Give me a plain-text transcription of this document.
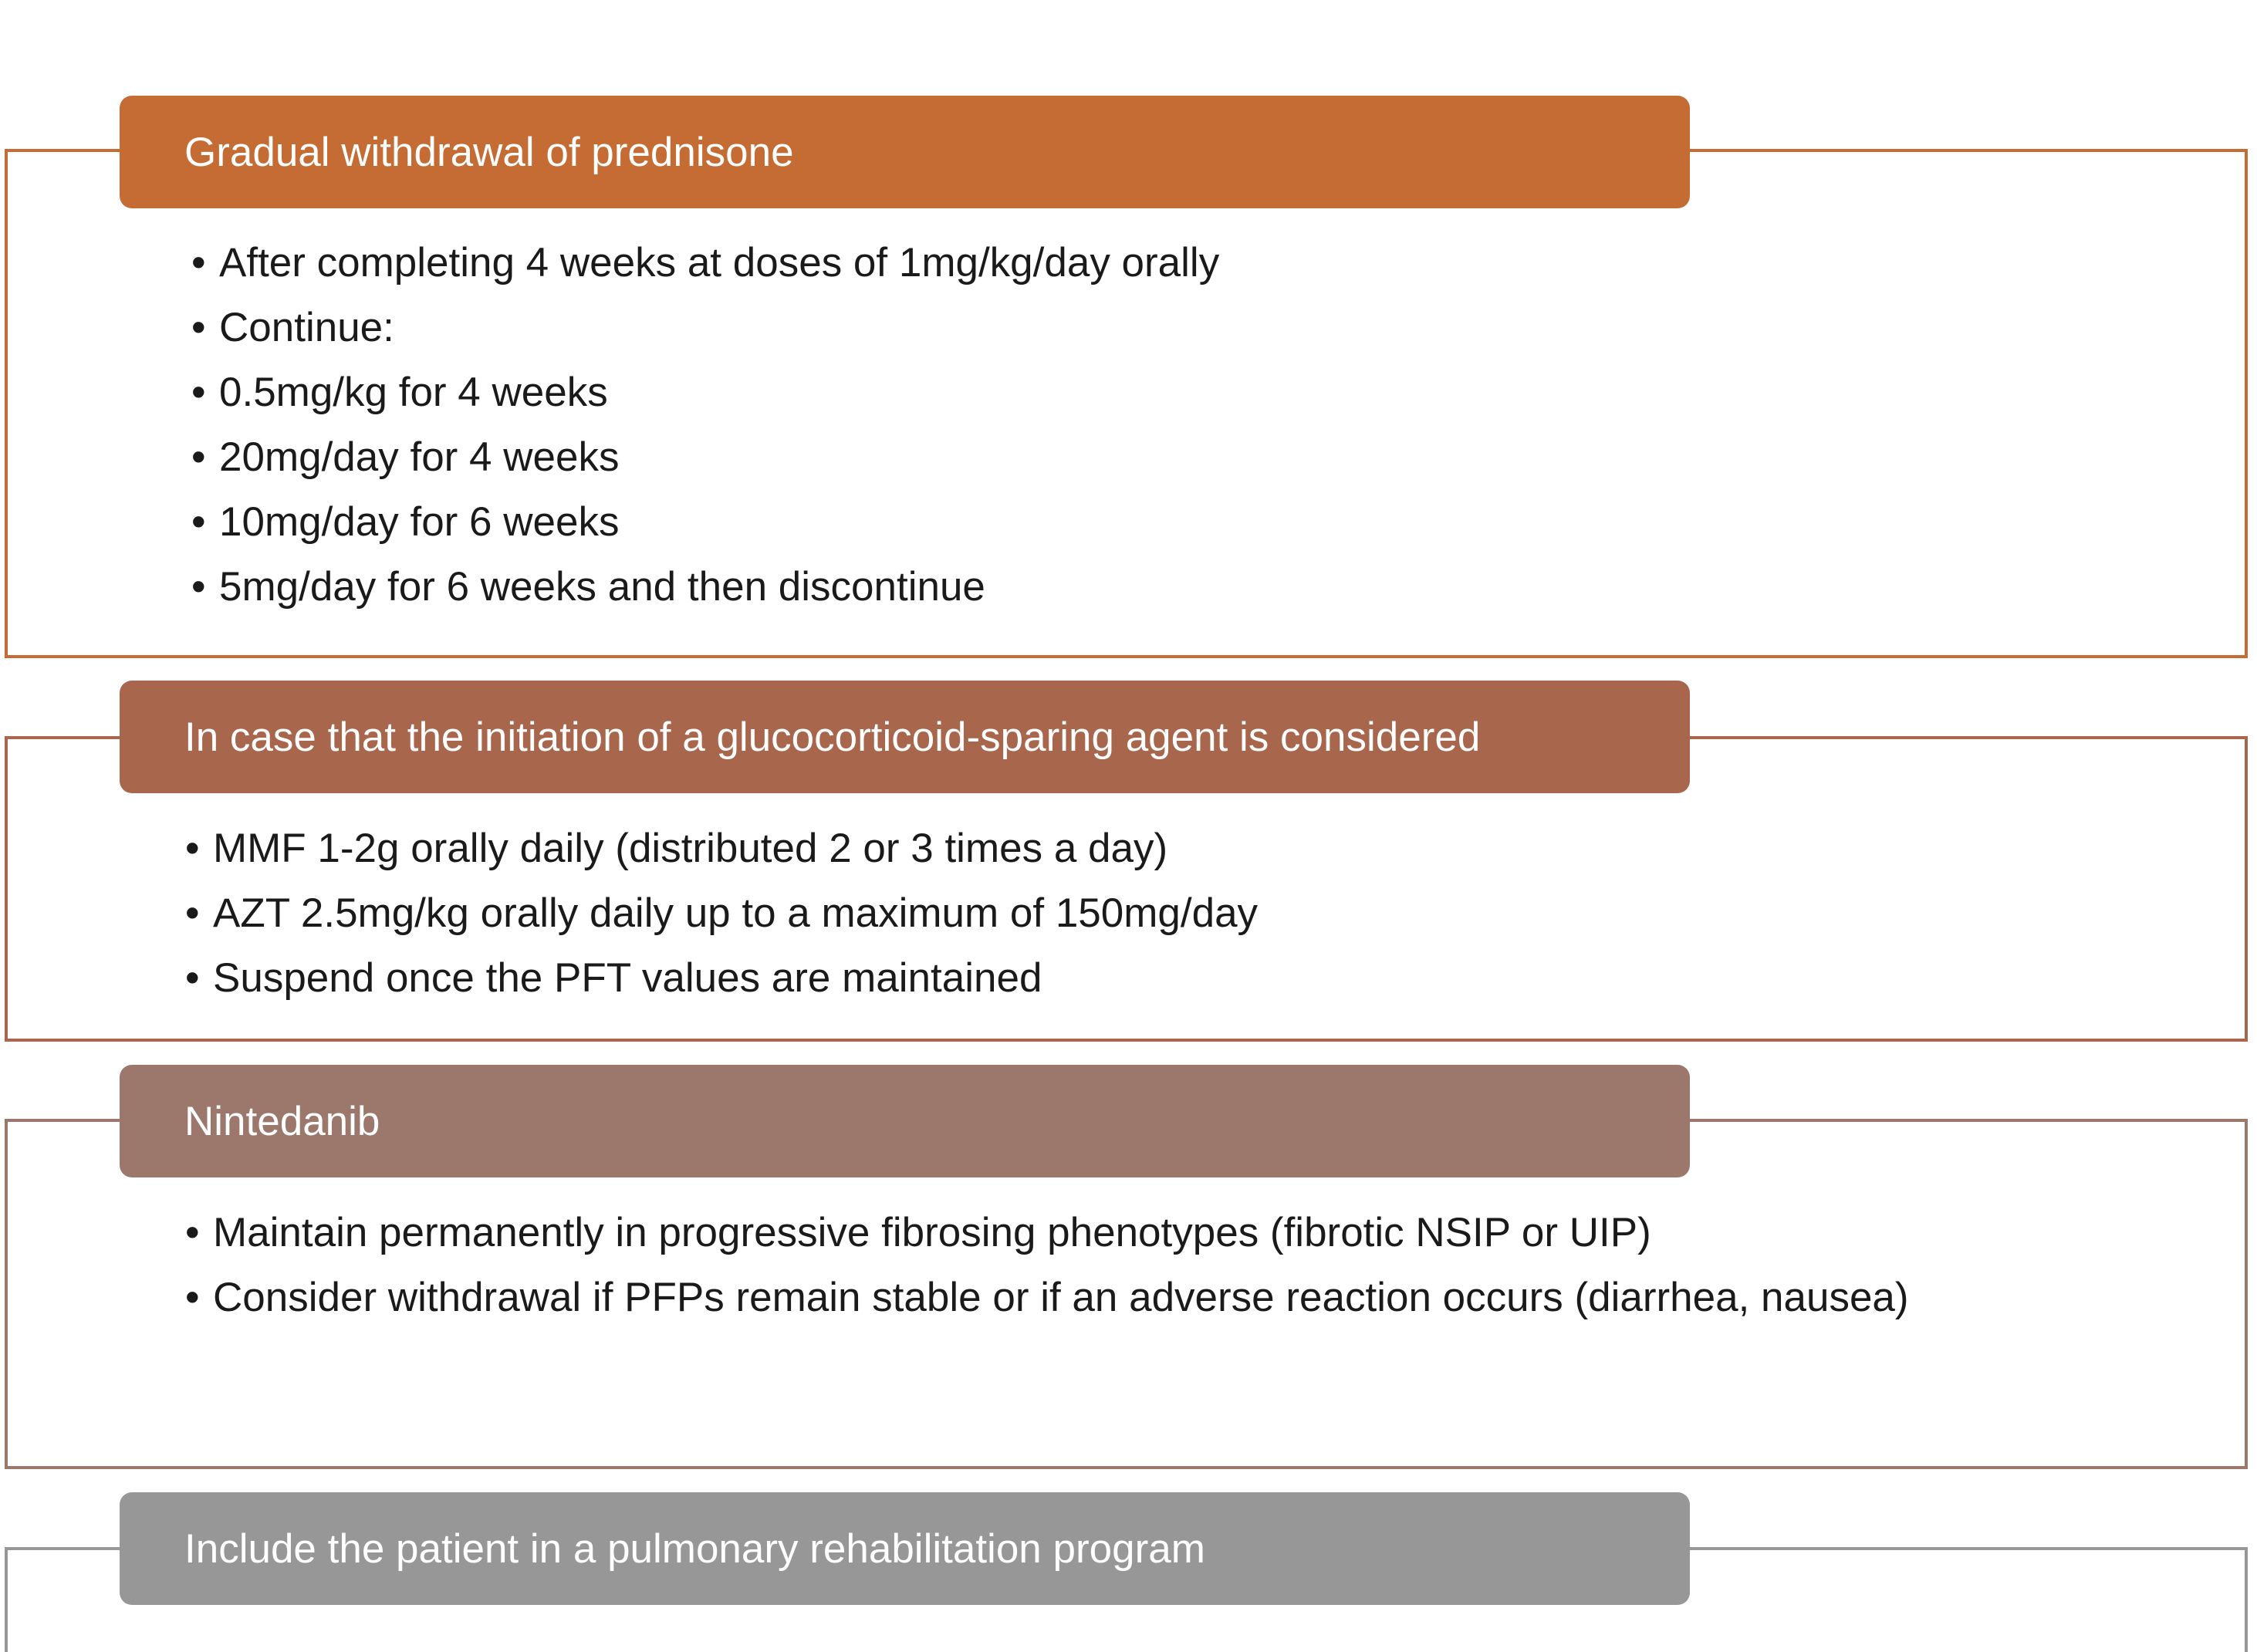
Gradual withdrawal of prednisone
• After completing 4 weeks at doses of 1mg/kg/day orally
• Continue:
• 0.5mg/kg for 4 weeks
• 20mg/day for 4 weeks
• 10mg/day for 6 weeks
• 5mg/day for 6 weeks and then discontinue
In case that the initiation of a glucocorticoid-sparing agent is considered
• MMF 1-2g orally daily (distributed 2 or 3 times a day)
• AZT 2.5mg/kg orally daily up to a maximum of 150mg/day
• Suspend once the PFT values are maintained
Nintedanib
• Maintain permanently in progressive fibrosing phenotypes (fibrotic NSIP or UIP)
• Consider withdrawal if PFPs remain stable or if an adverse reaction occurs (diarrhea, nausea)
Include the patient in a pulmonary rehabilitation program
